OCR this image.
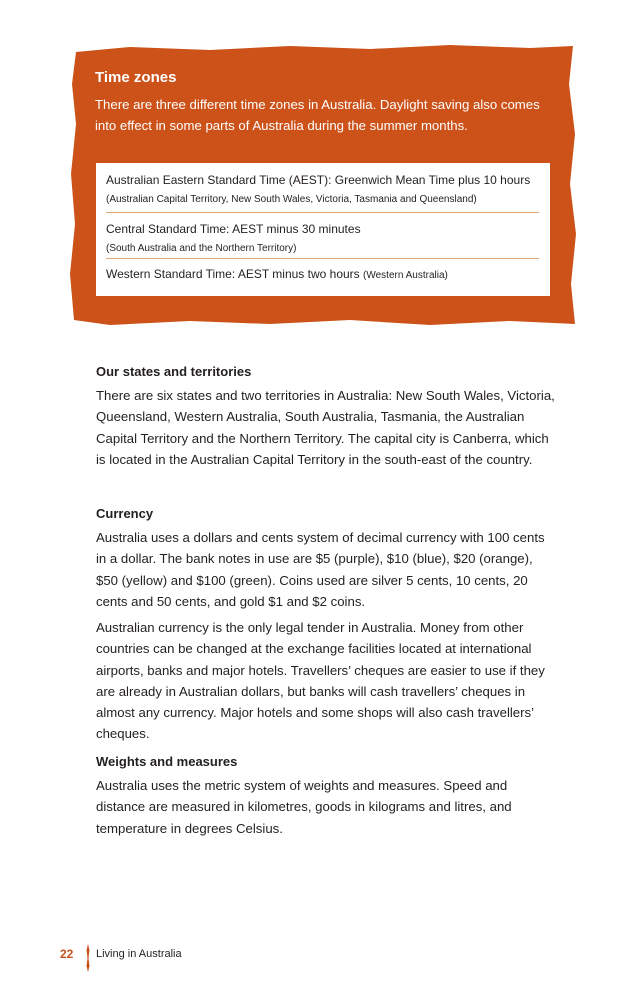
Time zones

There are three different time zones in Australia. Daylight saving also comes into effect in some parts of Australia during the summer months.

Australian Eastern Standard Time (AEST): Greenwich Mean Time plus 10 hours (Australian Capital Territory, New South Wales, Victoria, Tasmania and Queensland)
Central Standard Time: AEST minus 30 minutes
(South Australia and the Northern Territory)
Western Standard Time: AEST minus two hours (Western Australia)
Our states and territories

There are six states and two territories in Australia: New South Wales, Victoria, Queensland, Western Australia, South Australia, Tasmania, the Australian Capital Territory and the Northern Territory. The capital city is Canberra, which is located in the Australian Capital Territory in the south-east of the country.

Currency

Australia uses a dollars and cents system of decimal currency with 100 cents in a dollar. The bank notes in use are $5 (purple), $10 (blue), $20 (orange), $50 (yellow) and $100 (green). Coins used are silver 5 cents, 10 cents, 20 cents and 50 cents, and gold $1 and $2 coins.

Australian currency is the only legal tender in Australia. Money from other countries can be changed at the exchange facilities located at international airports, banks and major hotels. Travellers’ cheques are easier to use if they are already in Australian dollars, but banks will cash travellers’ cheques in almost any currency. Major hotels and some shops will also cash travellers’ cheques.

Weights and measures

Australia uses the metric system of weights and measures. Speed and distance are measured in kilometres, goods in kilograms and litres, and temperature in degrees Celsius.

22 Living in Australia
